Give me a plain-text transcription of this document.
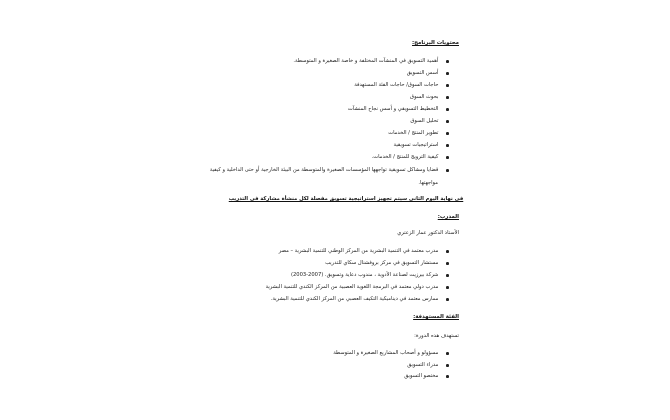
محتويات البرنامج:
أهمية التسويق في المنشآت المختلفة و خاصة الصغيرة و المتوسطة.
أسس التسويق
حاجات السوق/ حاجات الفئة المستهدفة
بحوث السوق
التخطيط التسويقي و أسس نجاح المنشآت
تحليل السوق
تطوير المنتج / الخدمات
استراتيجيات تسويقية
كيفية الترويج للمنتج / الخدمات.
قضايا ومشاكل تسويقية تواجهها المؤسسات الصغيرة والمتوسطة من البيئة الخارجية أو حتى الداخلية و كيفية
مواجهتها.
في نهاية اليوم الثاني سيتم تجهيز استراتيجية تسويق مفصلة لكل منشأة مشاركة في التدريب
المدرب:
الأستاذ الدكتور عمار الزعتري
مدرب معتمد في التنمية البشرية من المركز الوطني للتنمية البشرية – مصر
مستشار التسويق في مركز بروفشنال سكاي للتدريب
شركة بيرزيت لصناعة الأدوية ، مندوب دعاية وتسويق. (2007-2003)
مدرب دولي معتمد في البرمجة اللغوية العصبية من المركز الكندي للتنمية البشرية
ممارس معتمد في ديناميكية التكيف العصبي من المركز الكندي للتنمية البشرية.
الفئة المستهدفة:
تستهدف هذه الدورة:
مسؤولو و أصحاب المشاريع الصغيرة و المتوسطة
مدراء التسويق
مختصو التسويق
